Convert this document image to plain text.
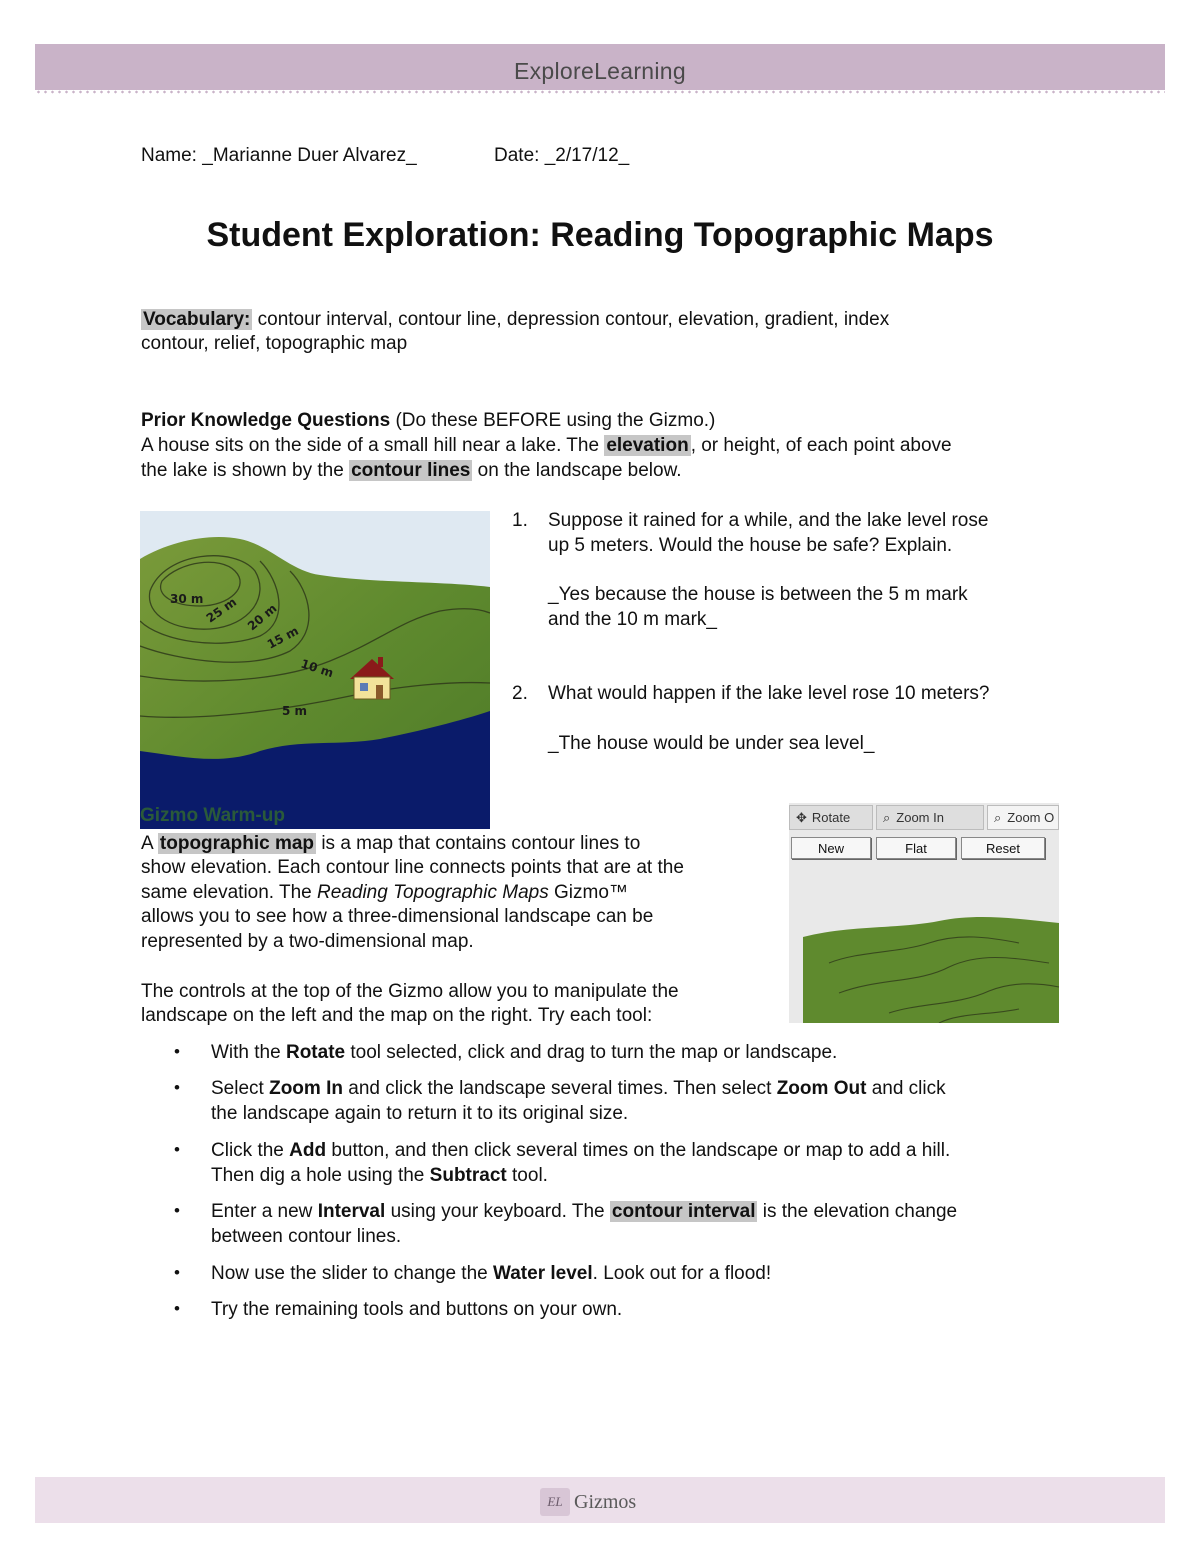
ExploreLearning
Name: _Marianne Duer Alvarez_	Date: _2/17/12_
Student Exploration: Reading Topographic Maps
Vocabulary: contour interval, contour line, depression contour, elevation, gradient, index
contour, relief, topographic map
Prior Knowledge Questions (Do these BEFORE using the Gizmo.)
A house sits on the side of a small hill near a lake. The elevation , or height, of each point above
the lake is shown by the contour lines on the landscape below.
30 m 25 m 20 m
15 m
10 m
5 m
Gizmo Warm-up
1. Suppose it rained for a while, and the lake level rose
up 5 meters. Would the house be safe? Explain.
_Yes because the house is between the 5 m mark
and the 10 m mark_
2. What would happen if the lake level rose 10 meters?
_The house would be under sea level_
A topographic map is a map that contains contour lines to
show elevation. Each contour line connects points that are at the
same elevation. The Reading Topographic Maps Gizmo™
allows you to see how a three-dimensional landscape can be
represented by a two-dimensional map.
The controls at the top of the Gizmo allow you to manipulate the
landscape on the left and the map on the right. Try each tool:
✥ Rotate	⌕ Zoom In	⌕ Zoom O
New	Flat	Reset
• With the Rotate tool selected, click and drag to turn the map or landscape.
• Select Zoom In and click the landscape several times. Then select Zoom Out and click
the landscape again to return it to its original size.
• Click the Add button, and then click several times on the landscape or map to add a hill.
Then dig a hole using the Subtract tool.
• Enter a new Interval using your keyboard. The contour interval is the elevation change
between contour lines.
• Now use the slider to change the Water level. Look out for a flood!
• Try the remaining tools and buttons on your own.
EL Gizmos
